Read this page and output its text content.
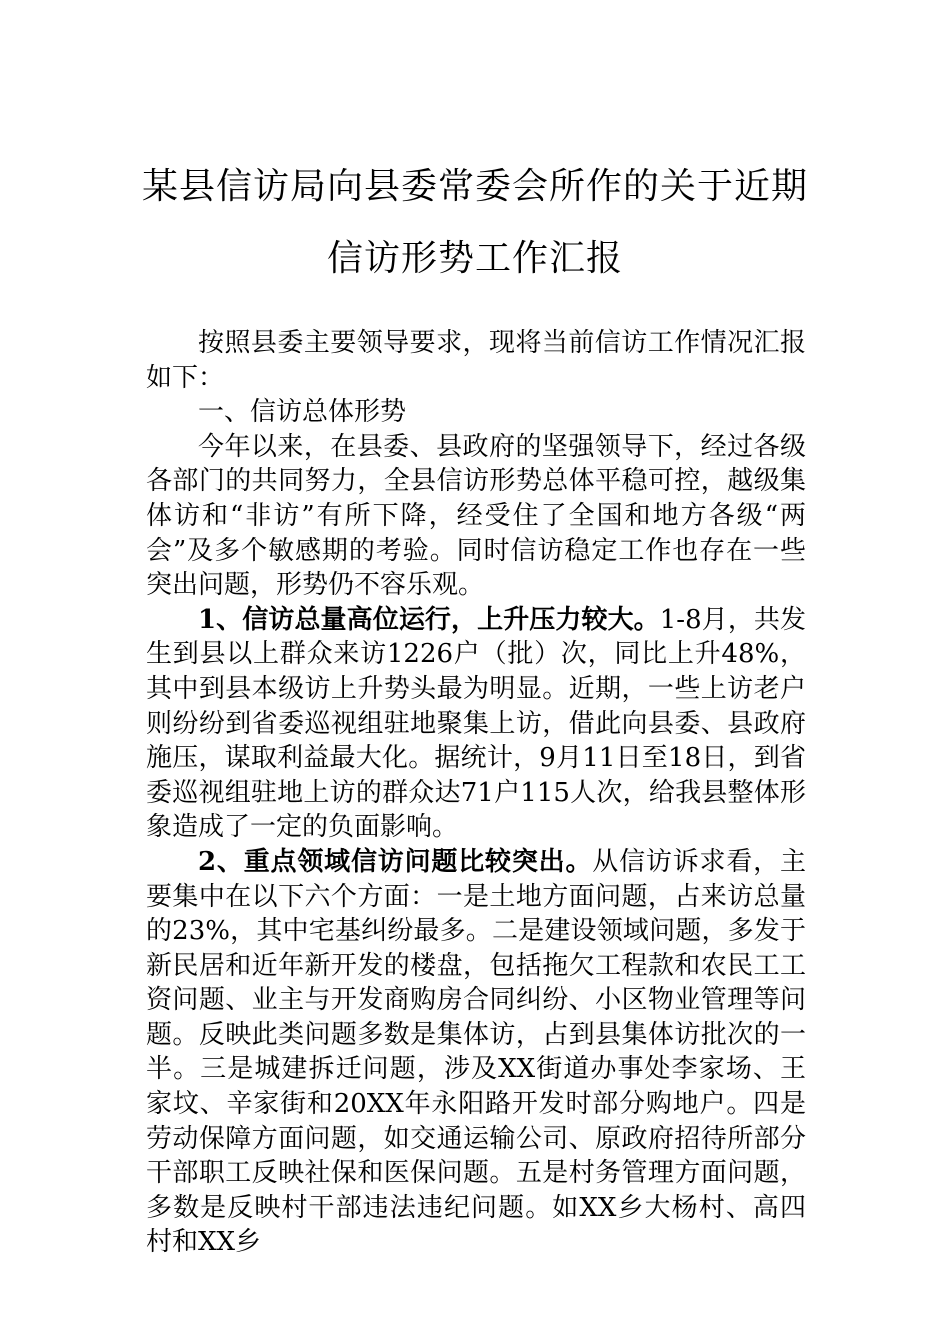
某县信访局向县委常委会所作的关于近期
信访形势工作汇报

按照县委主要领导要求，现将当前信访工作情况汇报如下：

一、信访总体形势

今年以来，在县委、县政府的坚强领导下，经过各级各部门的共同努力，全县信访形势总体平稳可控，越级集体访和“非访”有所下降，经受住了全国和地方各级“两会”及多个敏感期的考验。同时信访稳定工作也存在一些突出问题，形势仍不容乐观。

1、信访总量高位运行，上升压力较大。1-8月，共发生到县以上群众来访1226户（批）次，同比上升48%，其中到县本级访上升势头最为明显。近期，一些上访老户则纷纷到省委巡视组驻地聚集上访，借此向县委、县政府施压，谋取利益最大化。据统计，9月11日至18日，到省委巡视组驻地上访的群众达71户115人次，给我县整体形象造成了一定的负面影响。

2、重点领域信访问题比较突出。从信访诉求看，主要集中在以下六个方面：一是土地方面问题，占来访总量的23%，其中宅基纠纷最多。二是建设领域问题，多发于新民居和近年新开发的楼盘，包括拖欠工程款和农民工工资问题、业主与开发商购房合同纠纷、小区物业管理等问题。反映此类问题多数是集体访，占到县集体访批次的一半。三是城建拆迁问题，涉及XX街道办事处李家场、王家坟、辛家街和20XX年永阳路开发时部分购地户。四是劳动保障方面问题，如交通运输公司、原政府招待所部分干部职工反映社保和医保问题。五是村务管理方面问题，多数是反映村干部违法违纪问题。如XX乡大杨村、高四村和XX乡
